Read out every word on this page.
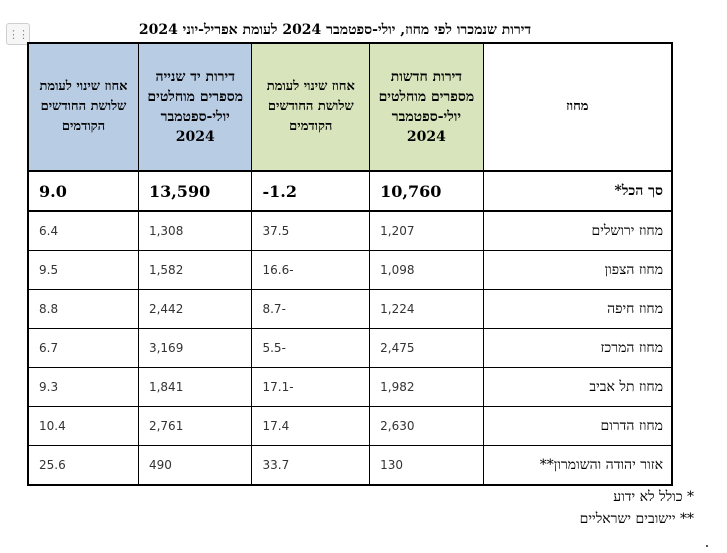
⋮⋮	דירות שנמכרו לפי מחוז, יולי-ספטמבר 2024 לעומת אפריל-יוני 2024
מחוז	דירות חדשות מספרים מוחלטים יולי-ספטמבר 2024	אחוז שינוי לעומת שלושת החודשים הקודמים	דירות יד שנייה מספרים מוחלטים יולי-ספטמבר 2024	אחוז שינוי לעומת שלושת החודשים הקודמים
סך הכל*	10,760	-1.2	13,590	9.0
מחוז ירושלים	1,207	37.5	1,308	6.4
מחוז הצפון	1,098	16.6-	1,582	9.5
מחוז חיפה	1,224	8.7-	2,442	8.8
מחוז המרכז	2,475	5.5-	3,169	6.7
מחוז תל אביב	1,982	17.1-	1,841	9.3
מחוז הדרום	2,630	17.4	2,761	10.4
אזור יהודה והשומרון**	130	33.7	490	25.6
* כולל לא ידוע
** יישובים ישראליים
